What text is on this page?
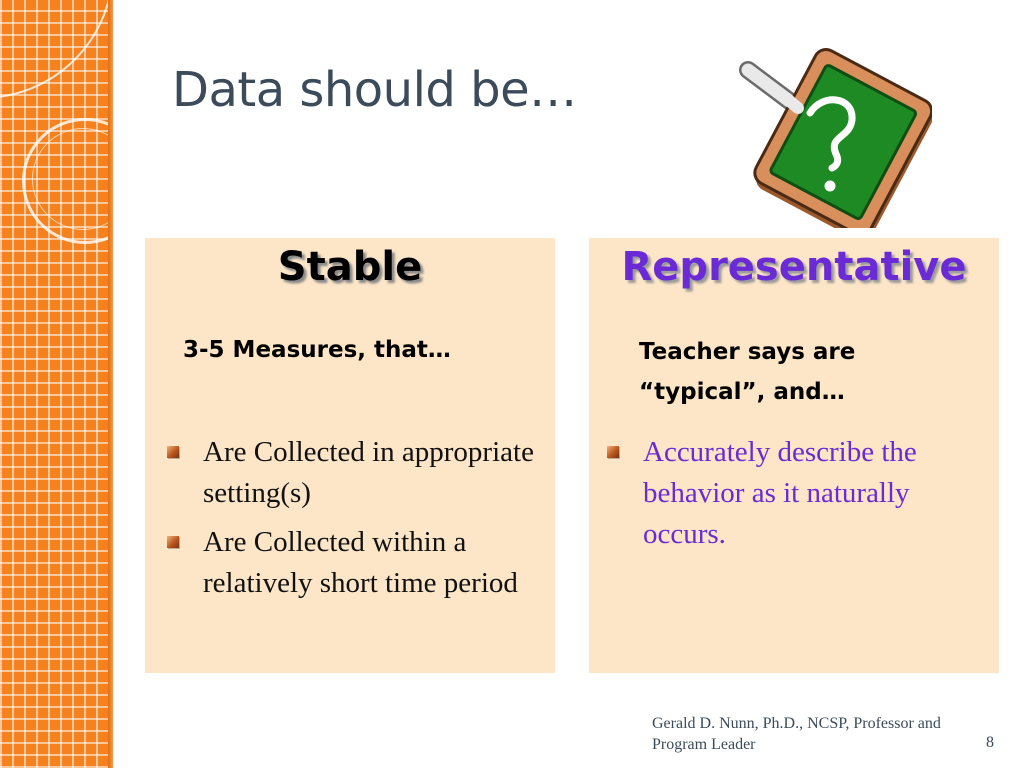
Data should be…
Stable
3-5 Measures, that…
Are Collected in appropriate setting(s)
Are Collected within a relatively short time period
Representative
Teacher says are “typical”, and…
Accurately describe the behavior as it naturally occurs.
Gerald D. Nunn, Ph.D., NCSP, Professor and Program Leader	8
